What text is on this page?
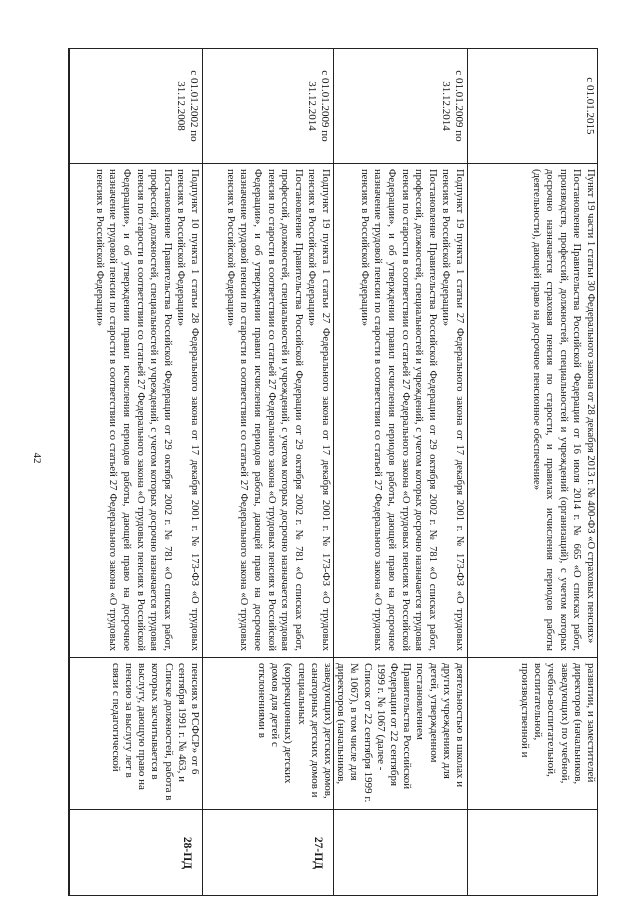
42
28-ПД
пенсиях в РСФСР» от 6 сентября 1991 г. № 463, и Списке должностей, работа в которых засчитывается в выслугу, дающую право на пенсию за выслугу лет в связи с педагогической

Подпункт 10 пункта 1 статьи 28 Федерального закона от 17 декабря 2001 г. № 173-ФЗ «О трудовых пенсиях в Российской Федерации»

Постановление Правительства Российской Федерации от 29 октября 2002 г. № 781 «О списках работ, профессий, должностей, специальностей и учреждений, с учетом которых досрочно назначается трудовая пенсия по старости в соответствии со статьей 27 Федерального закона «О трудовых пенсиях в Российской Федерации», и об утверждении правил исчисления периодов работы, дающей право на досрочное назначение трудовой пенсии по старости в соответствии со статьей 27 Федерального закона «О трудовых пенсиях в Российской Федерации»

с 01.01.2002 по 31.12.2008
27-ПД
деятельностью в школах и других учреждениях для детей, утвержденном постановлением Правительства Российской Федерации от 22 сентября 1999 г. № 1067 (далее - Список от 22 сентября 1999 г. № 1067), в том числе для директоров (начальников, заведующих) детских домов, санаторных детских домов и специальных (коррекционных) детских домов для детей с отклонениями в

Подпункт 19 пункта 1 статьи 27 Федерального закона от 17 декабря 2001 г. № 173-ФЗ «О трудовых пенсиях в Российской Федерации»

Постановление Правительства Российской Федерации от 29 октября 2002 г. № 781 «О списках работ, профессий, должностей, специальностей и учреждений, с учетом которых досрочно назначается трудовая пенсия по старости в соответствии со статьей 27 Федерального закона «О трудовых пенсиях в Российской Федерации», и об утверждении правил исчисления периодов работы, дающей право на досрочное назначение трудовой пенсии по старости в соответствии со статьей 27 Федерального закона «О трудовых пенсиях в Российской Федерации»

с 01.01.2009 по 31.12.2014

Подпункт 19 пункта 1 статьи 27 Федерального закона от 17 декабря 2001 г. № 173-ФЗ «О трудовых пенсиях в Российской Федерации»

Постановление Правительства Российской Федерации от 29 октября 2002 г. № 781 «О списках работ, профессий, должностей, специальностей и учреждений, с учетом которых досрочно назначается трудовая пенсия по старости в соответствии со статьей 27 Федерального закона «О трудовых пенсиях в Российской Федерации», и об утверждении правил исчисления периодов работы, дающей право на досрочное назначение трудовой пенсии по старости в соответствии со статьей 27 Федерального закона «О трудовых пенсиях в Российской Федерации»

с 01.01.2009 по 31.12.2014
развитии, и заместителей директоров (начальников, заведующих) по учебной, учебно-воспитательной, воспитательной, производственной и

Пункт 19 части 1 статьи 30 Федерального закона от 28 декабря 2013 г. № 400-ФЗ «О страховых пенсиях»

Постановление Правительства Российской Федерации от 16 июля 2014 г. № 665 «О списках работ, производств, профессий, должностей, специальностей и учреждений (организаций), с учетом которых досрочно назначается страховая пенсия по старости, и правилах исчисления периодов работы (деятельности), дающей право на досрочное пенсионное обеспечение»

с 01.01.2015
